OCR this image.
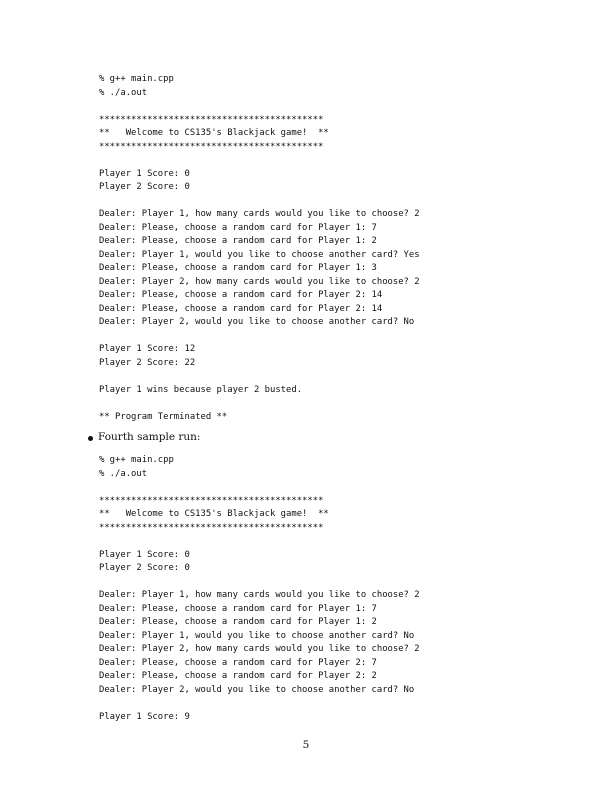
% g++ main.cpp
% ./a.out

******************************************
**   Welcome to CS135's Blackjack game!  **
******************************************

Player 1 Score: 0
Player 2 Score: 0

Dealer: Player 1, how many cards would you like to choose? 2
Dealer: Please, choose a random card for Player 1: 7
Dealer: Please, choose a random card for Player 1: 2
Dealer: Player 1, would you like to choose another card? Yes
Dealer: Please, choose a random card for Player 1: 3
Dealer: Player 2, how many cards would you like to choose? 2
Dealer: Please, choose a random card for Player 2: 14
Dealer: Please, choose a random card for Player 2: 14
Dealer: Player 2, would you like to choose another card? No

Player 1 Score: 12
Player 2 Score: 22

Player 1 wins because player 2 busted.

** Program Terminated **
Fourth sample run:
% g++ main.cpp
% ./a.out

******************************************
**   Welcome to CS135's Blackjack game!  **
******************************************

Player 1 Score: 0
Player 2 Score: 0

Dealer: Player 1, how many cards would you like to choose? 2
Dealer: Please, choose a random card for Player 1: 7
Dealer: Please, choose a random card for Player 1: 2
Dealer: Player 1, would you like to choose another card? No
Dealer: Player 2, how many cards would you like to choose? 2
Dealer: Please, choose a random card for Player 2: 7
Dealer: Please, choose a random card for Player 2: 2
Dealer: Player 2, would you like to choose another card? No

Player 1 Score: 9
5
